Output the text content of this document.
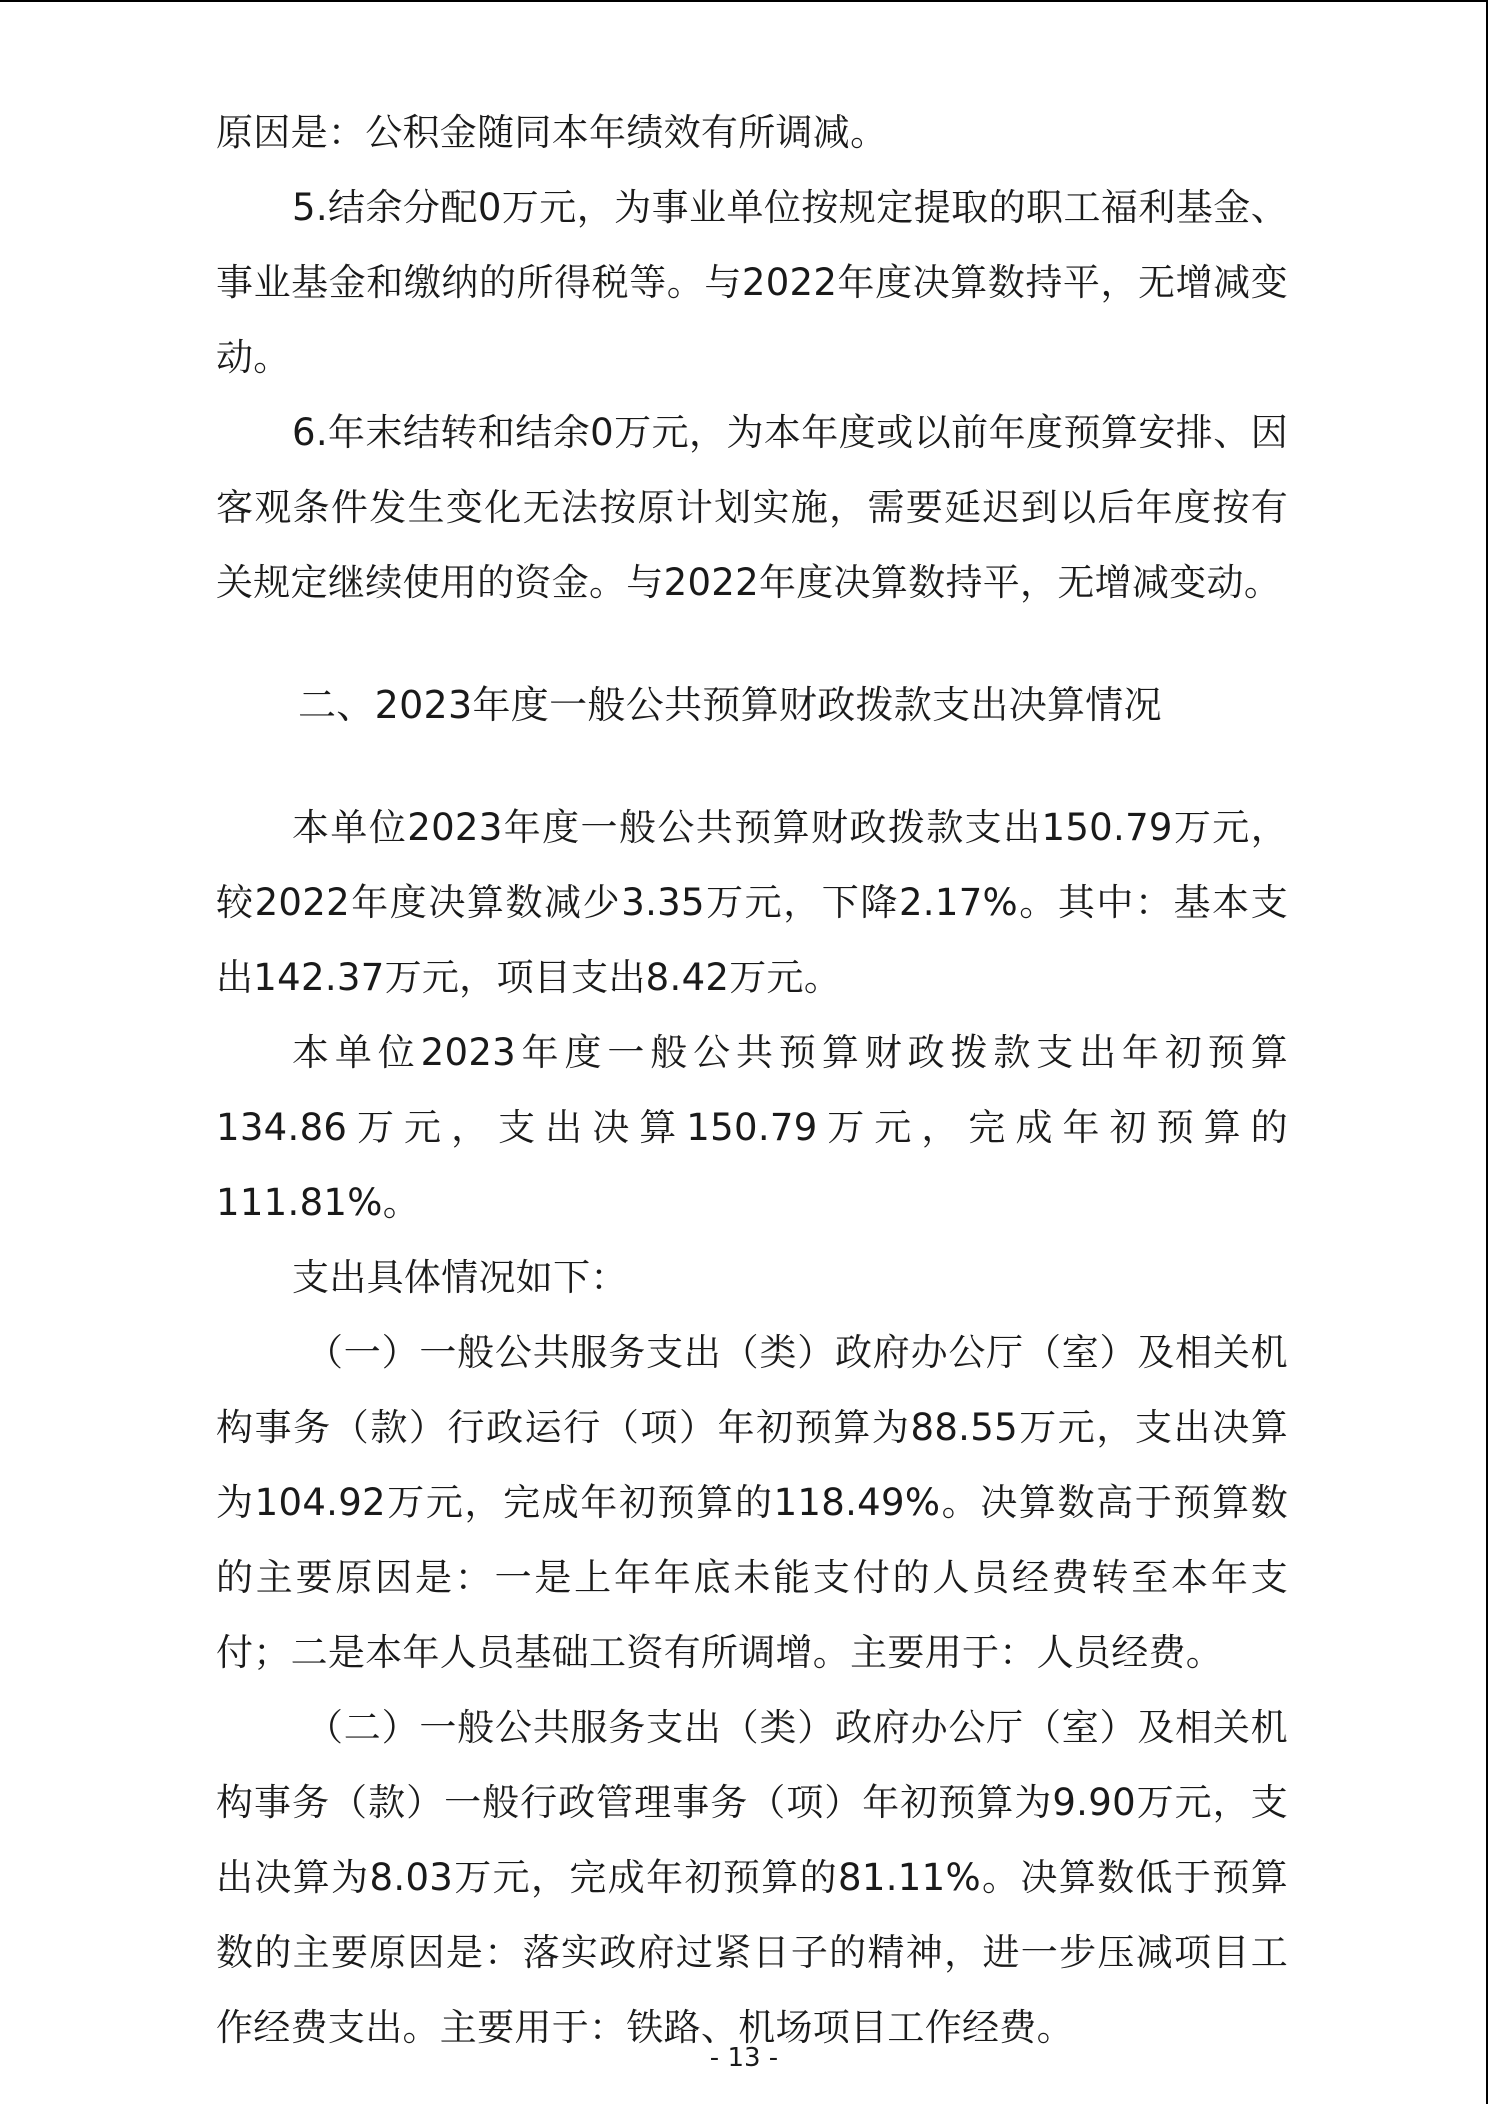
原因是：公积金随同本年绩效有所调减。

5.结余分配0万元，为事业单位按规定提取的职工福利基金、事业基金和缴纳的所得税等。与2022年度决算数持平，无增减变动。

6.年末结转和结余0万元，为本年度或以前年度预算安排、因客观条件发生变化无法按原计划实施，需要延迟到以后年度按有关规定继续使用的资金。与2022年度决算数持平，无增减变动。

二、2023年度一般公共预算财政拨款支出决算情况

本单位2023年度一般公共预算财政拨款支出150.79万元，较2022年度决算数减少3.35万元，下降2.17%。其中：基本支出142.37万元，项目支出8.42万元。

本单位2023年度一般公共预算财政拨款支出年初预算134.86万元，支出决算150.79万元，完成年初预算的111.81%。

支出具体情况如下：

（一）一般公共服务支出（类）政府办公厅（室）及相关机构事务（款）行政运行（项）年初预算为88.55万元，支出决算为104.92万元，完成年初预算的118.49%。决算数高于预算数的主要原因是：一是上年年底未能支付的人员经费转至本年支付；二是本年人员基础工资有所调增。主要用于：人员经费。

（二）一般公共服务支出（类）政府办公厅（室）及相关机构事务（款）一般行政管理事务（项）年初预算为9.90万元，支出决算为8.03万元，完成年初预算的81.11%。决算数低于预算数的主要原因是：落实政府过紧日子的精神，进一步压减项目工作经费支出。主要用于：铁路、机场项目工作经费。

- 13 -
